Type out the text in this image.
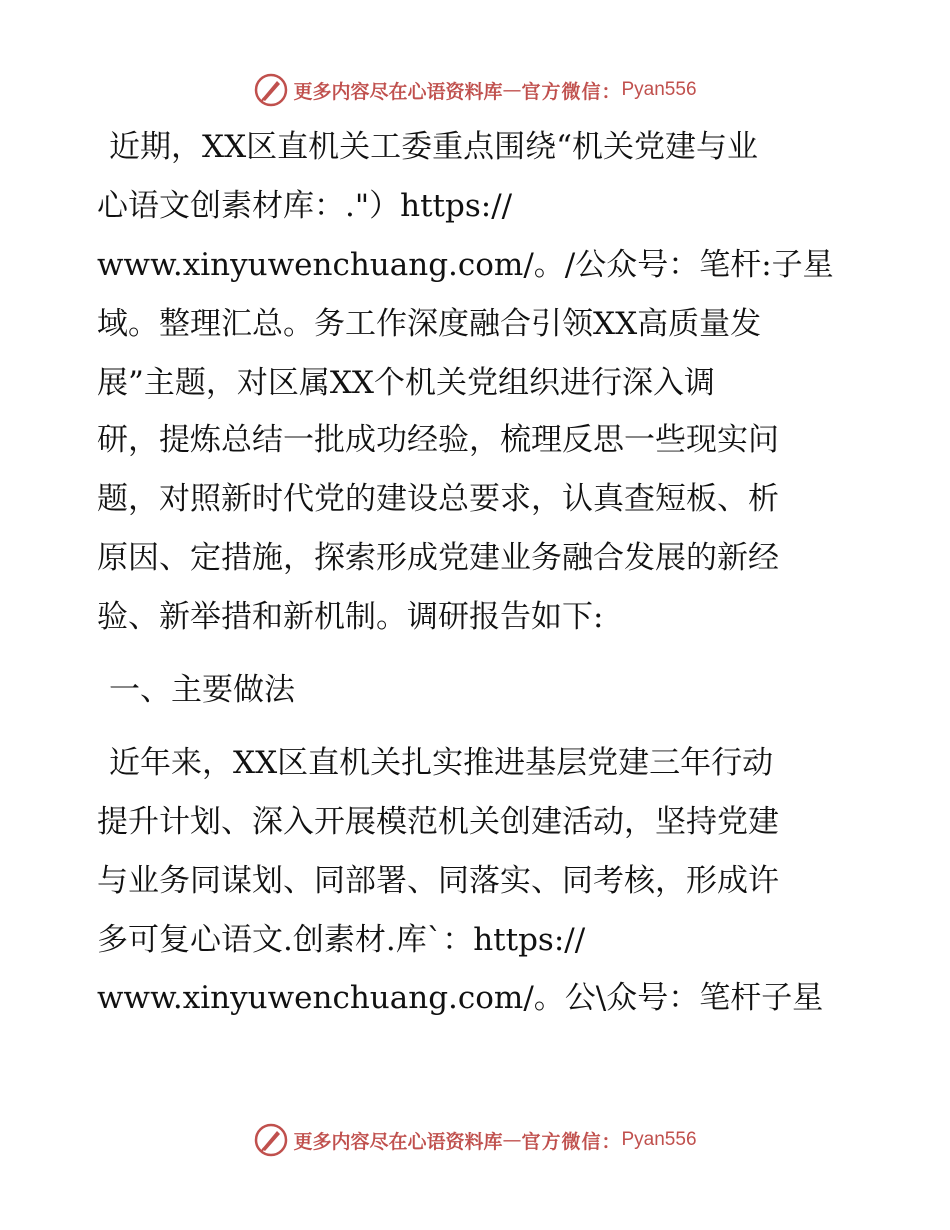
更多内容尽在心语资料库 — 官方微信： Pyan556
近期，XX区直机关工委重点围绕“机关党建与业
心语文创素材库：."）https://
www.xinyuwenchuang.com/。/公众号：笔杆:子星
域。整理汇总。务工作深度融合引领XX高质量发
展”主题，对区属XX个机关党组织进行深入调
研，提炼总结一批成功经验，梳理反思一些现实问
题，对照新时代党的建设总要求，认真查短板、析
原因、定措施，探索形成党建业务融合发展的新经
验、新举措和新机制。调研报告如下:
一、主要做法
近年来，XX区直机关扎实推进基层党建三年行动
提升计划、深入开展模范机关创建活动，坚持党建
与业务同谋划、同部署、同落实、同考核，形成许
多可复心语文.创素材.库`：https://
www.xinyuwenchuang.com/。公\众号：笔杆子星
更多内容尽在心语资料库 — 官方微信： Pyan556
